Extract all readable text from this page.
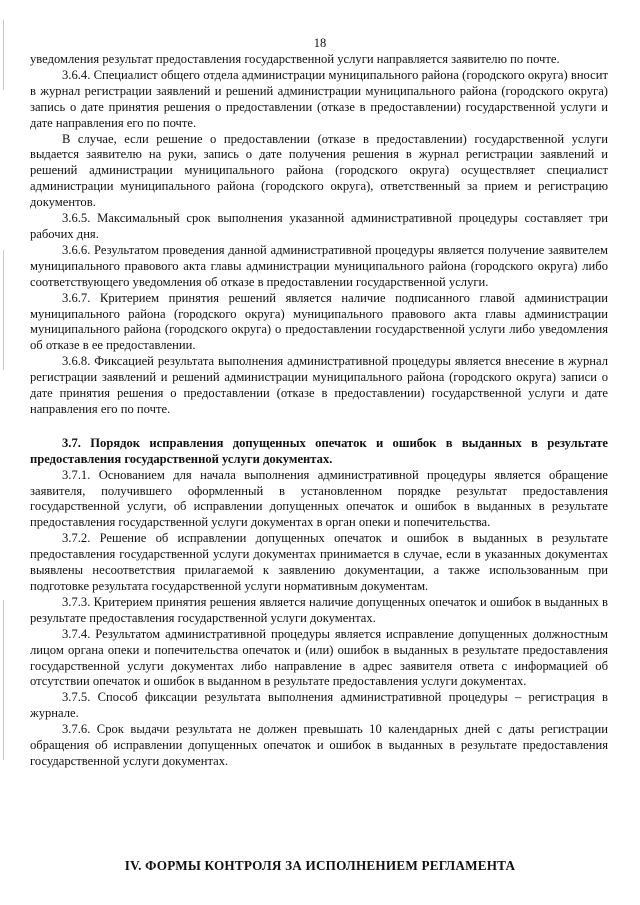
18

уведомления результат предоставления государственной услуги направляется заявителю по почте.

3.6.4. Специалист общего отдела администрации муниципального района (городского округа) вносит в журнал регистрации заявлений и решений администрации муниципального района (городского округа) запись о дате принятия решения о предоставлении (отказе в предоставлении) государственной услуги и дате направления его по почте.

В случае, если решение о предоставлении (отказе в предоставлении) государственной услуги выдается заявителю на руки, запись о дате получения решения в журнал регистрации заявлений и решений администрации муниципального района (городского округа) осуществляет специалист администрации муниципального района (городского округа), ответственный за прием и регистрацию документов.

3.6.5. Максимальный срок выполнения указанной административной процедуры составляет три рабочих дня.

3.6.6. Результатом проведения данной административной процедуры является получение заявителем муниципального правового акта главы администрации муниципального района (городского округа) либо соответствующего уведомления об отказе в предоставлении государственной услуги.

3.6.7. Критерием принятия решений является наличие подписанного главой администрации муниципального района (городского округа) муниципального правового акта главы администрации муниципального района (городского округа) о предоставлении государственной услуги либо уведомления об отказе в ее предоставлении.

3.6.8. Фиксацией результата выполнения административной процедуры является внесение в журнал регистрации заявлений и решений администрации муниципального района (городского округа) записи о дате принятия решения о предоставлении (отказе в предоставлении) государственной услуги и дате направления его по почте.

3.7. Порядок исправления допущенных опечаток и ошибок в выданных в результате предоставления государственной услуги документах.

3.7.1. Основанием для начала выполнения административной процедуры является обращение заявителя, получившего оформленный в установленном порядке результат предоставления государственной услуги, об исправлении допущенных опечаток и ошибок в выданных в результате предоставления государственной услуги документах в орган опеки и попечительства.

3.7.2. Решение об исправлении допущенных опечаток и ошибок в выданных в результате предоставления государственной услуги документах принимается в случае, если в указанных документах выявлены несоответствия прилагаемой к заявлению документации, а также использованным при подготовке результата государственной услуги нормативным документам.

3.7.3. Критерием принятия решения является наличие допущенных опечаток и ошибок в выданных в результате предоставления государственной услуги документах.

3.7.4. Результатом административной процедуры является исправление допущенных должностным лицом органа опеки и попечительства опечаток и (или) ошибок в выданных в результате предоставления государственной услуги документах либо направление в адрес заявителя ответа с информацией об отсутствии опечаток и ошибок в выданном в результате предоставления услуги документах.

3.7.5. Способ фиксации результата выполнения административной процедуры – регистрация в журнале.

3.7.6. Срок выдачи результата не должен превышать 10 календарных дней с даты регистрации обращения об исправлении допущенных опечаток и ошибок в выданных в результате предоставления государственной услуги документах.

IV. ФОРМЫ КОНТРОЛЯ ЗА ИСПОЛНЕНИЕМ РЕГЛАМЕНТА
